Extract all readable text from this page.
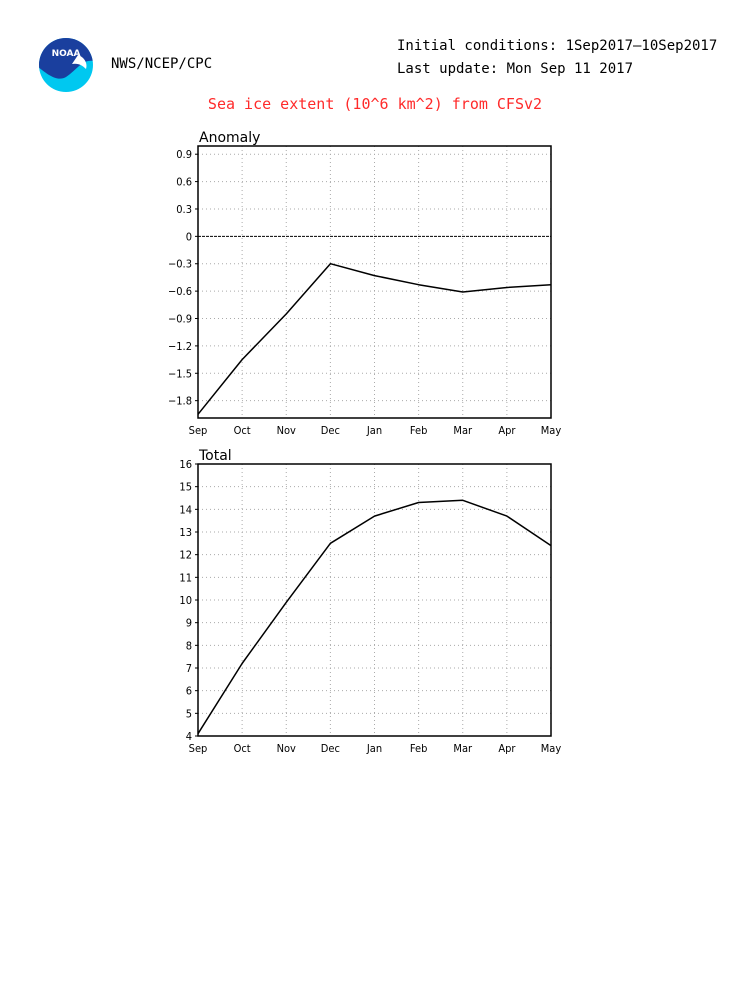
NOAA
NWS/NCEP/CPC
Initial conditions: 1Sep2017–10Sep2017
Last update: Mon Sep 11 2017
Sea ice extent (10^6 km^2) from CFSv2
Anomaly
Sep Oct Nov Dec Jan	Feb Mar Apr May
0.9
0.6
0.3
0
−0.3
−0.6
−0.9
−1.2
−1.5
−1.8
Total
Sep Oct Nov Dec Jan	Feb Mar Apr May
16
15
14
13
12
11
10
9
8
7
6
5
4
